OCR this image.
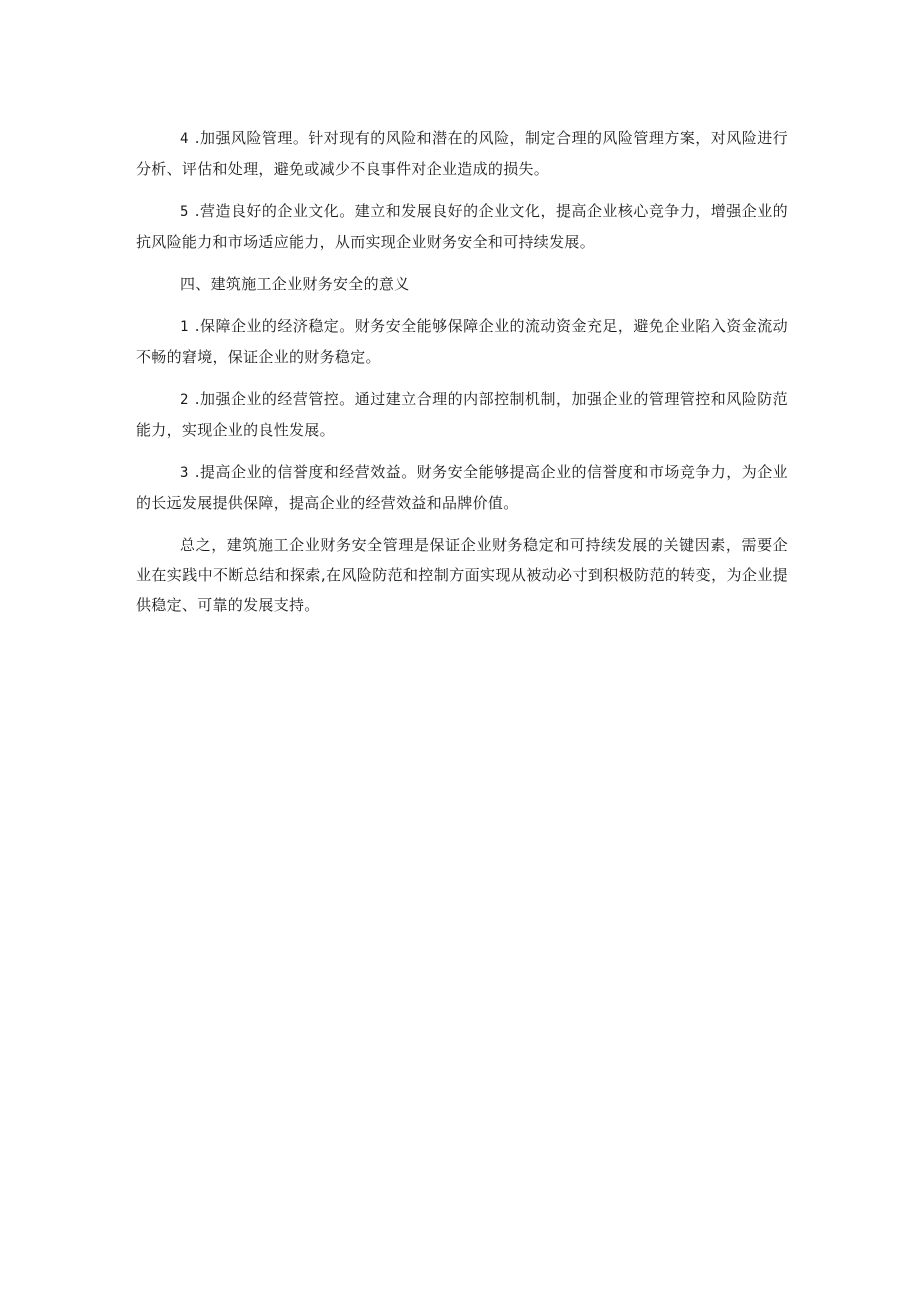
4 .加强风险管理。针对现有的风险和潜在的风险，制定合理的风险管理方案，对风险进行分析、评估和处理，避免或减少不良事件对企业造成的损失。

5 .营造良好的企业文化。建立和发展良好的企业文化，提高企业核心竞争力，增强企业的抗风险能力和市场适应能力，从而实现企业财务安全和可持续发展。

四、建筑施工企业财务安全的意义

1 .保障企业的经济稳定。财务安全能够保障企业的流动资金充足，避免企业陷入资金流动不畅的窘境，保证企业的财务稳定。

2 .加强企业的经营管控。通过建立合理的内部控制机制，加强企业的管理管控和风险防范能力，实现企业的良性发展。

3 .提高企业的信誉度和经营效益。财务安全能够提高企业的信誉度和市场竞争力，为企业的长远发展提供保障，提高企业的经营效益和品牌价值。

总之，建筑施工企业财务安全管理是保证企业财务稳定和可持续发展的关键因素，需要企业在实践中不断总结和探索,在风险防范和控制方面实现从被动必寸到积极防范的转变，为企业提供稳定、可靠的发展支持。
